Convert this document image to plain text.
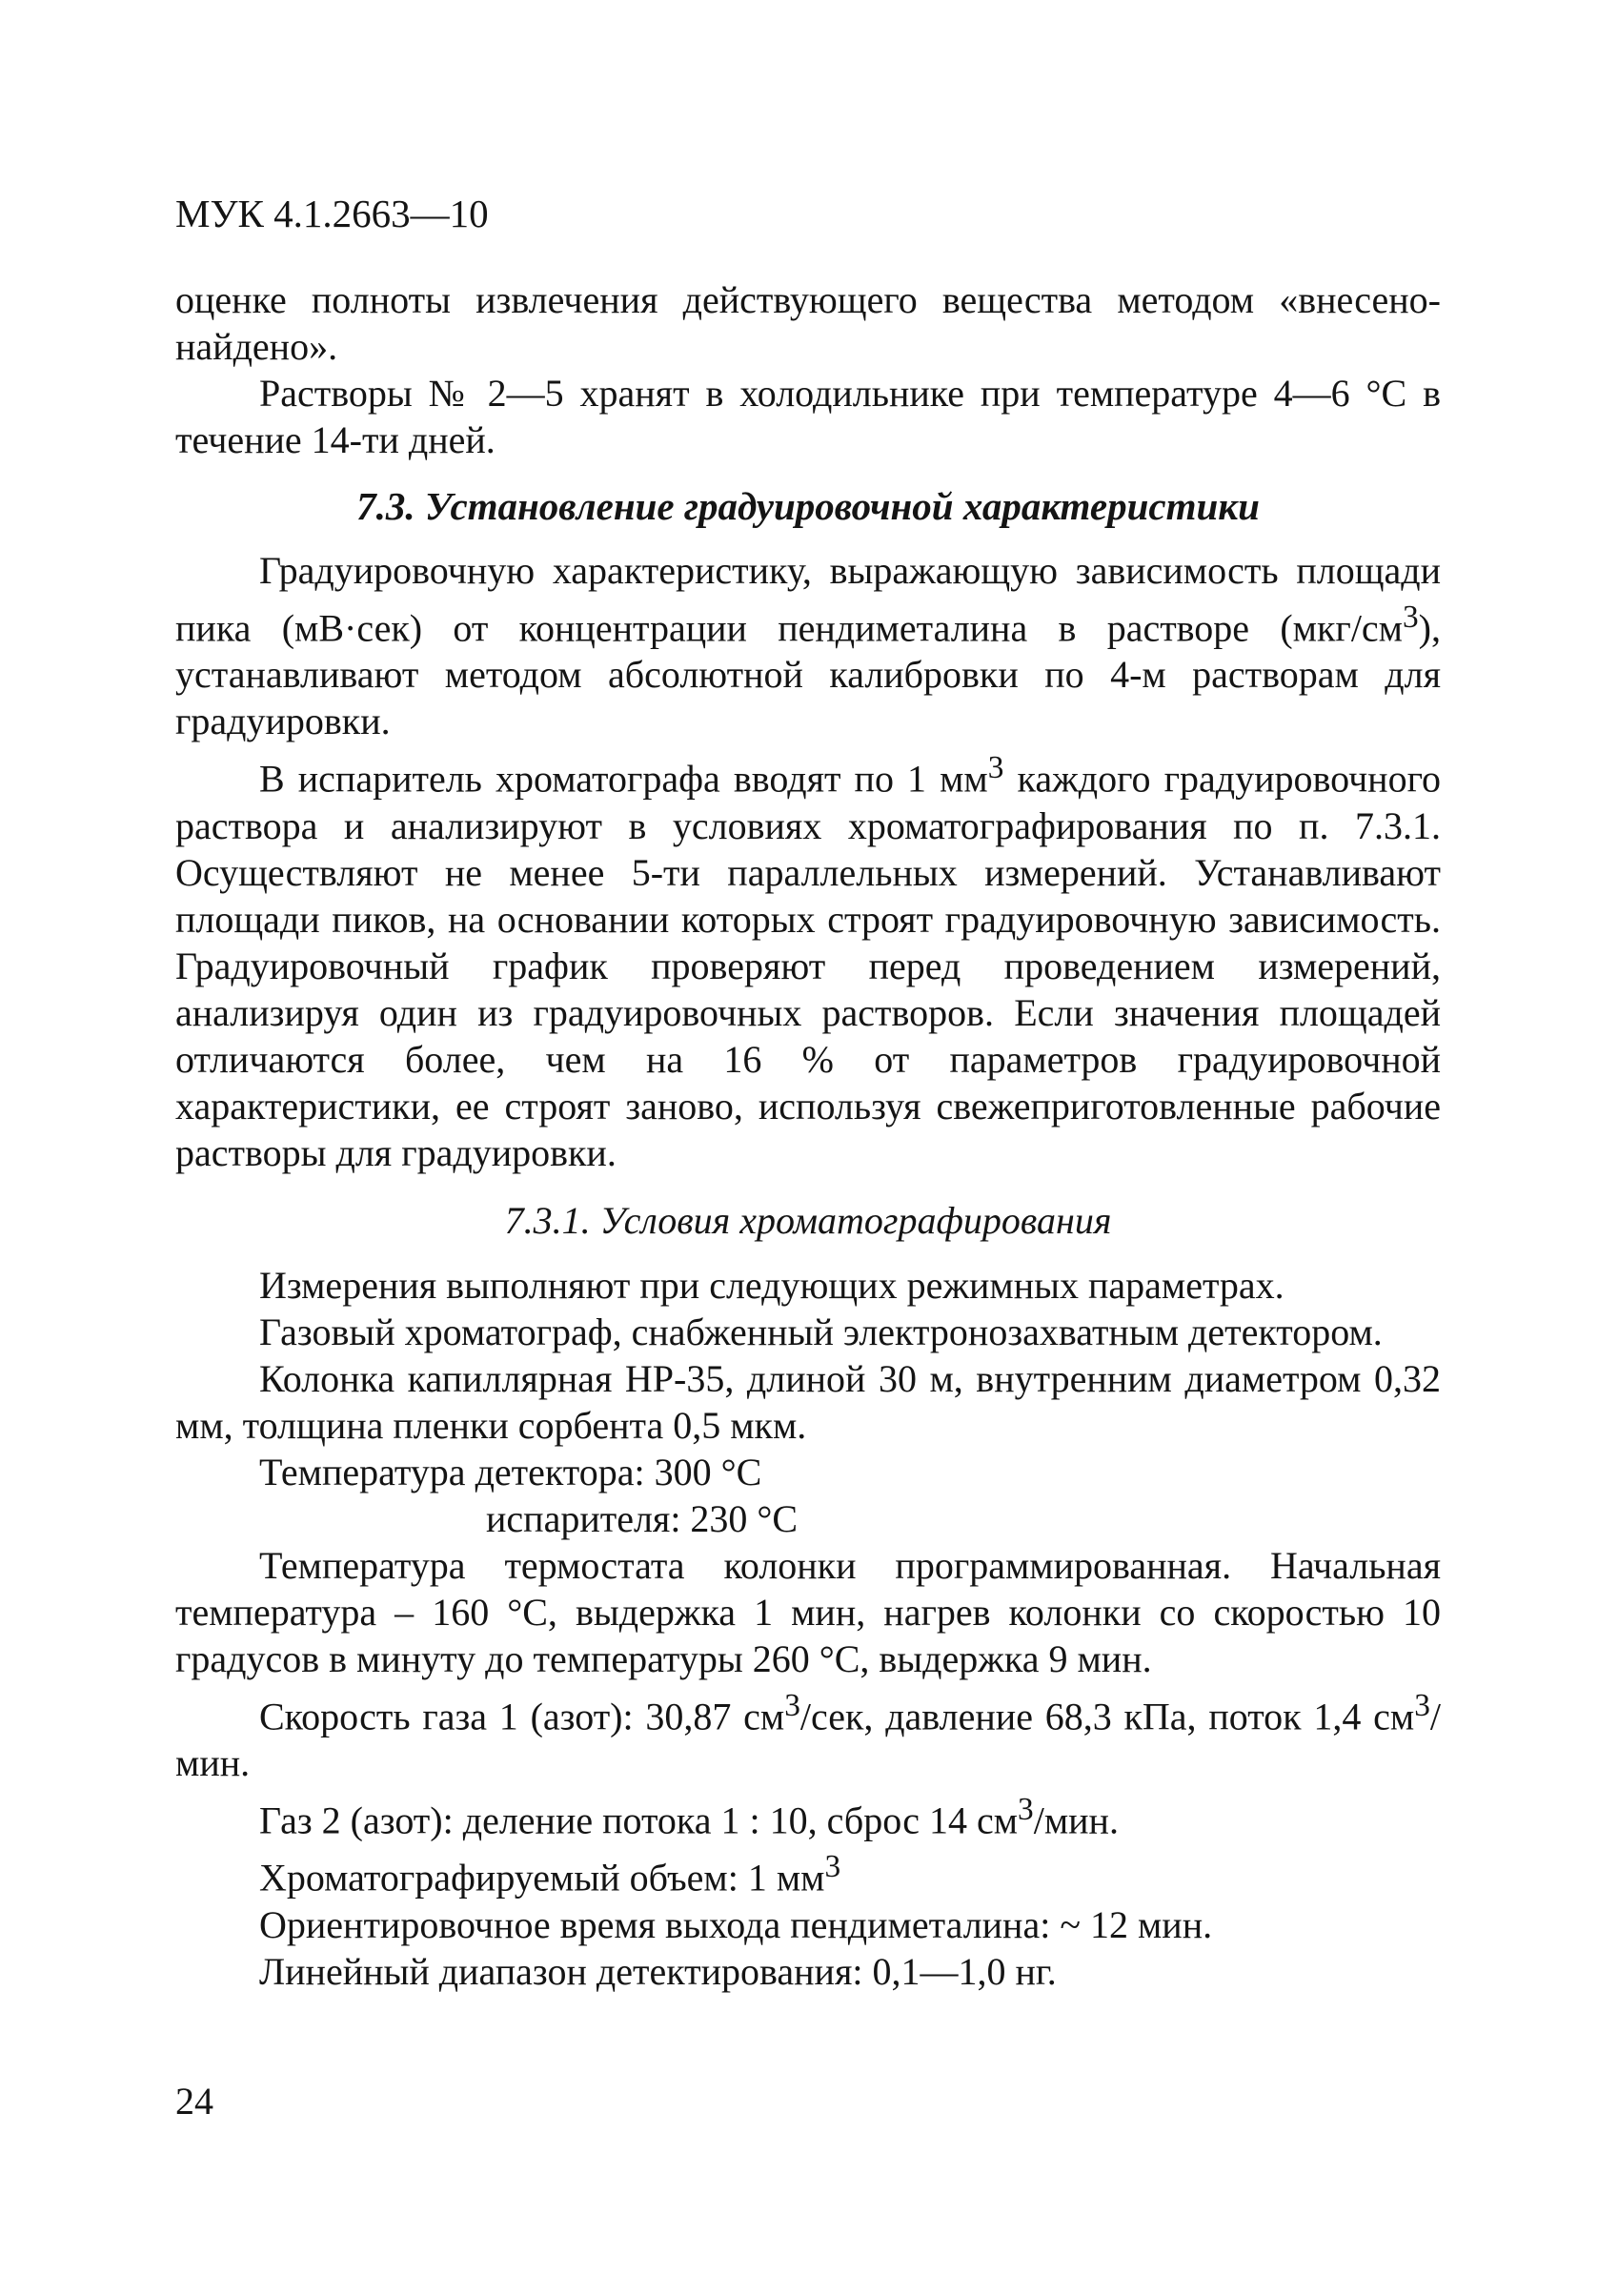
МУК 4.1.2663—10

оценке полноты извлечения действующего вещества методом «внесено-найдено».

Растворы № 2—5 хранят в холодильнике при температуре 4—6 °С в течение 14-ти дней.

7.3. Установление градуировочной характеристики

Градуировочную характеристику, выражающую зависимость площади пика (мВ·сек) от концентрации пендиметалина в растворе $(мкг/см^3)$, устанавливают методом абсолютной калибровки по 4-м растворам для градуировки.

В испаритель хроматографа вводят по 1 $мм^3$ каждого градуировочного раствора и анализируют в условиях хроматографирования по п. 7.3.1. Осуществляют не менее 5-ти параллельных измерений. Устанавливают площади пиков, на основании которых строят градуировочную зависимость. Градуировочный график проверяют перед проведением измерений, анализируя один из градуировочных растворов. Если значения площадей отличаются более, чем на 16 % от параметров градуировочной характеристики, ее строят заново, используя свежеприготовленные рабочие растворы для градуировки.

7.3.1. Условия хроматографирования

Измерения выполняют при следующих режимных параметрах.

Газовый хроматограф, снабженный электронозахватным детектором.

Колонка капиллярная НР-35, длиной 30 м, внутренним диаметром 0,32 мм, толщина пленки сорбента 0,5 мкм.

Температура детектора: 300 °С

испарителя: 230 °С

Температура термостата колонки программированная. Начальная температура – 160 °С, выдержка 1 мин, нагрев колонки со скоростью 10 градусов в минуту до температуры 260 °С, выдержка 9 мин.

Скорость газа 1 (азот): 30,87 $см^3$/сек, давление 68,3 кПа, поток 1,4 $см^3$/мин.

Газ 2 (азот): деление потока 1 : 10, сброс 14 $см^3$/мин.

Хроматографируемый объем: 1 $мм^3$

Ориентировочное время выхода пендиметалина: ~ 12 мин.

Линейный диапазон детектирования: 0,1—1,0 нг.

24
